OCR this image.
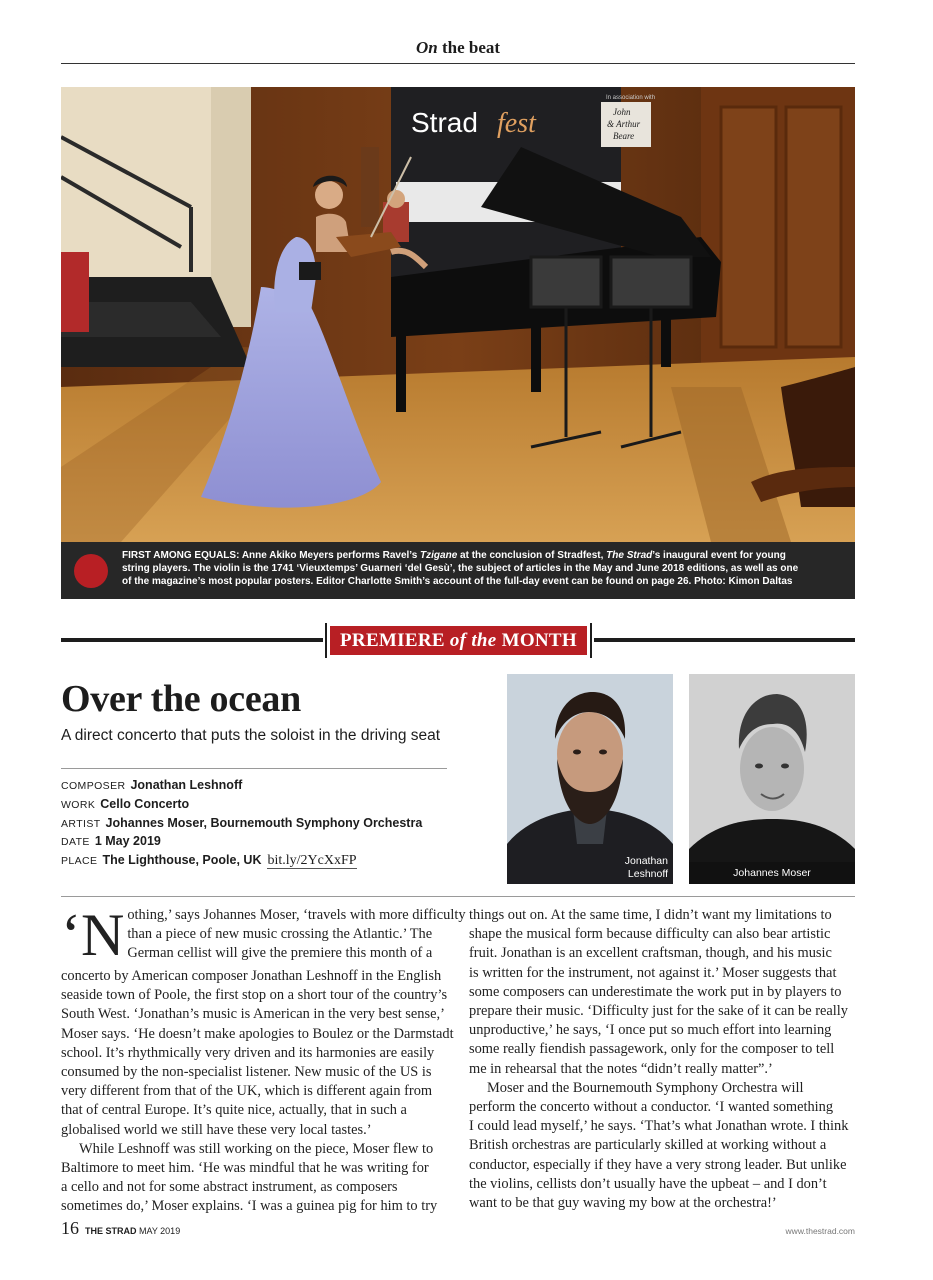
On the beat
Strad fest
In association with
John
& Arthur
Beare
FIRST AMONG EQUALS: Anne Akiko Meyers performs Ravel’s Tzigane at the conclusion of Stradfest, The Strad’s inaugural event for young
string players. The violin is the 1741 ‘Vieuxtemps’ Guarneri ‘del Gesù’, the subject of articles in the May and June 2018 editions, as well as one
of the magazine’s most popular posters. Editor Charlotte Smith’s account of the full-day event can be found on page 26. Photo: Kimon Daltas
PREMIERE of the MONTH
Over the ocean
A direct concerto that puts the soloist in the driving seat
COMPOSER Jonathan Leshnoff
WORK Cello Concerto
ARTIST Johannes Moser, Bournemouth Symphony Orchestra
DATE 1 May 2019
PLACE The Lighthouse, Poole, UK bit.ly/2YcXxFP	Jonathan
Leshnoff	Johannes Moser

‘N othing,’ says Johannes Moser, ‘travels with more difficulty
than a piece of new music crossing the Atlantic.’ The
German cellist will give the premiere this month of a
concerto by American composer Jonathan Leshnoff in the English
seaside town of Poole, the first stop on a short tour of the country’s
South West. ‘Jonathan’s music is American in the very best sense,’
Moser says. ‘He doesn’t make apologies to Boulez or the Darmstadt
school. It’s rhythmically very driven and its harmonies are easily
consumed by the non-specialist listener. New music of the US is
very different from that of the UK, which is different again from
that of central Europe. It’s quite nice, actually, that in such a
globalised world we still have these very local tastes.’

While Leshnoff was still working on the piece, Moser flew to
Baltimore to meet him. ‘He was mindful that he was writing for
a cello and not for some abstract instrument, as composers
sometimes do,’ Moser explains. ‘I was a guinea pig for him to try

things out on. At the same time, I didn’t want my limitations to
shape the musical form because difficulty can also bear artistic
fruit. Jonathan is an excellent craftsman, though, and his music
is written for the instrument, not against it.’ Moser suggests that
some composers can underestimate the work put in by players to
prepare their music. ‘Difficulty just for the sake of it can be really
unproductive,’ he says, ‘I once put so much effort into learning
some really fiendish passagework, only for the composer to tell
me in rehearsal that the notes “didn’t really matter”.’

Moser and the Bournemouth Symphony Orchestra will
perform the concerto without a conductor. ‘I wanted something
I could lead myself,’ he says. ‘That’s what Jonathan wrote. I think
British orchestras are particularly skilled at working without a
conductor, especially if they have a very strong leader. But unlike
the violins, cellists don’t usually have the upbeat – and I don’t
want to be that guy waving my bow at the orchestra!’

16 THE STRAD MAY 2019	www.thestrad.com
